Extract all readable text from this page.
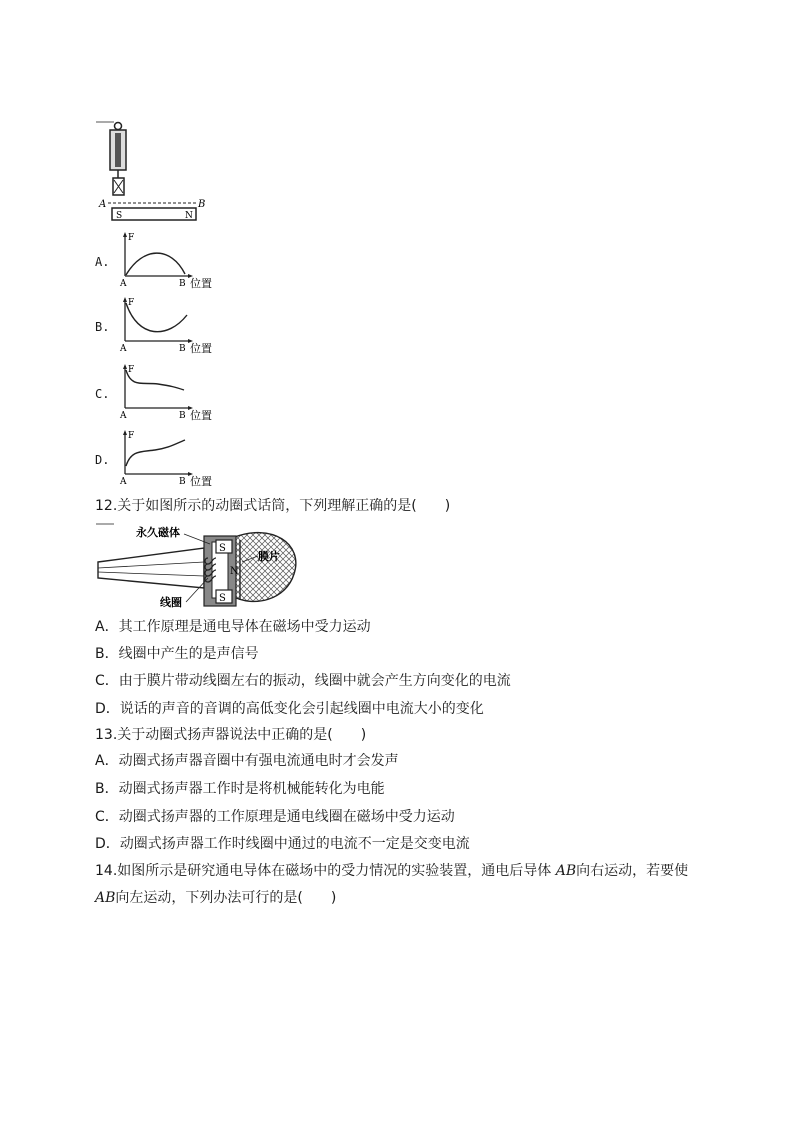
A	B
S	N
A.
F
A	B 位置
B.
F
A	B 位置
C.
F
A	B 位置
D.
F
A	B 位置
12.关于如图所示的动圈式话筒，下列理解正确的是(　　)
S
S
N
永久磁体
膜片
线圈
A．其工作原理是通电导体在磁场中受力运动
B．线圈中产生的是声信号
C．由于膜片带动线圈左右的振动，线圈中就会产生方向变化的电流
D．说话的声音的音调的高低变化会引起线圈中电流大小的变化
13.关于动圈式扬声器说法中正确的是(　　)
A．动圈式扬声器音圈中有强电流通电时才会发声
B．动圈式扬声器工作时是将机械能转化为电能
C．动圈式扬声器的工作原理是通电线圈在磁场中受力运动
D．动圈式扬声器工作时线圈中通过的电流不一定是交变电流
14.如图所示是研究通电导体在磁场中的受力情况的实验装置，通电后导体 AB向右运动，若要使
AB向左运动，下列办法可行的是(　　)
